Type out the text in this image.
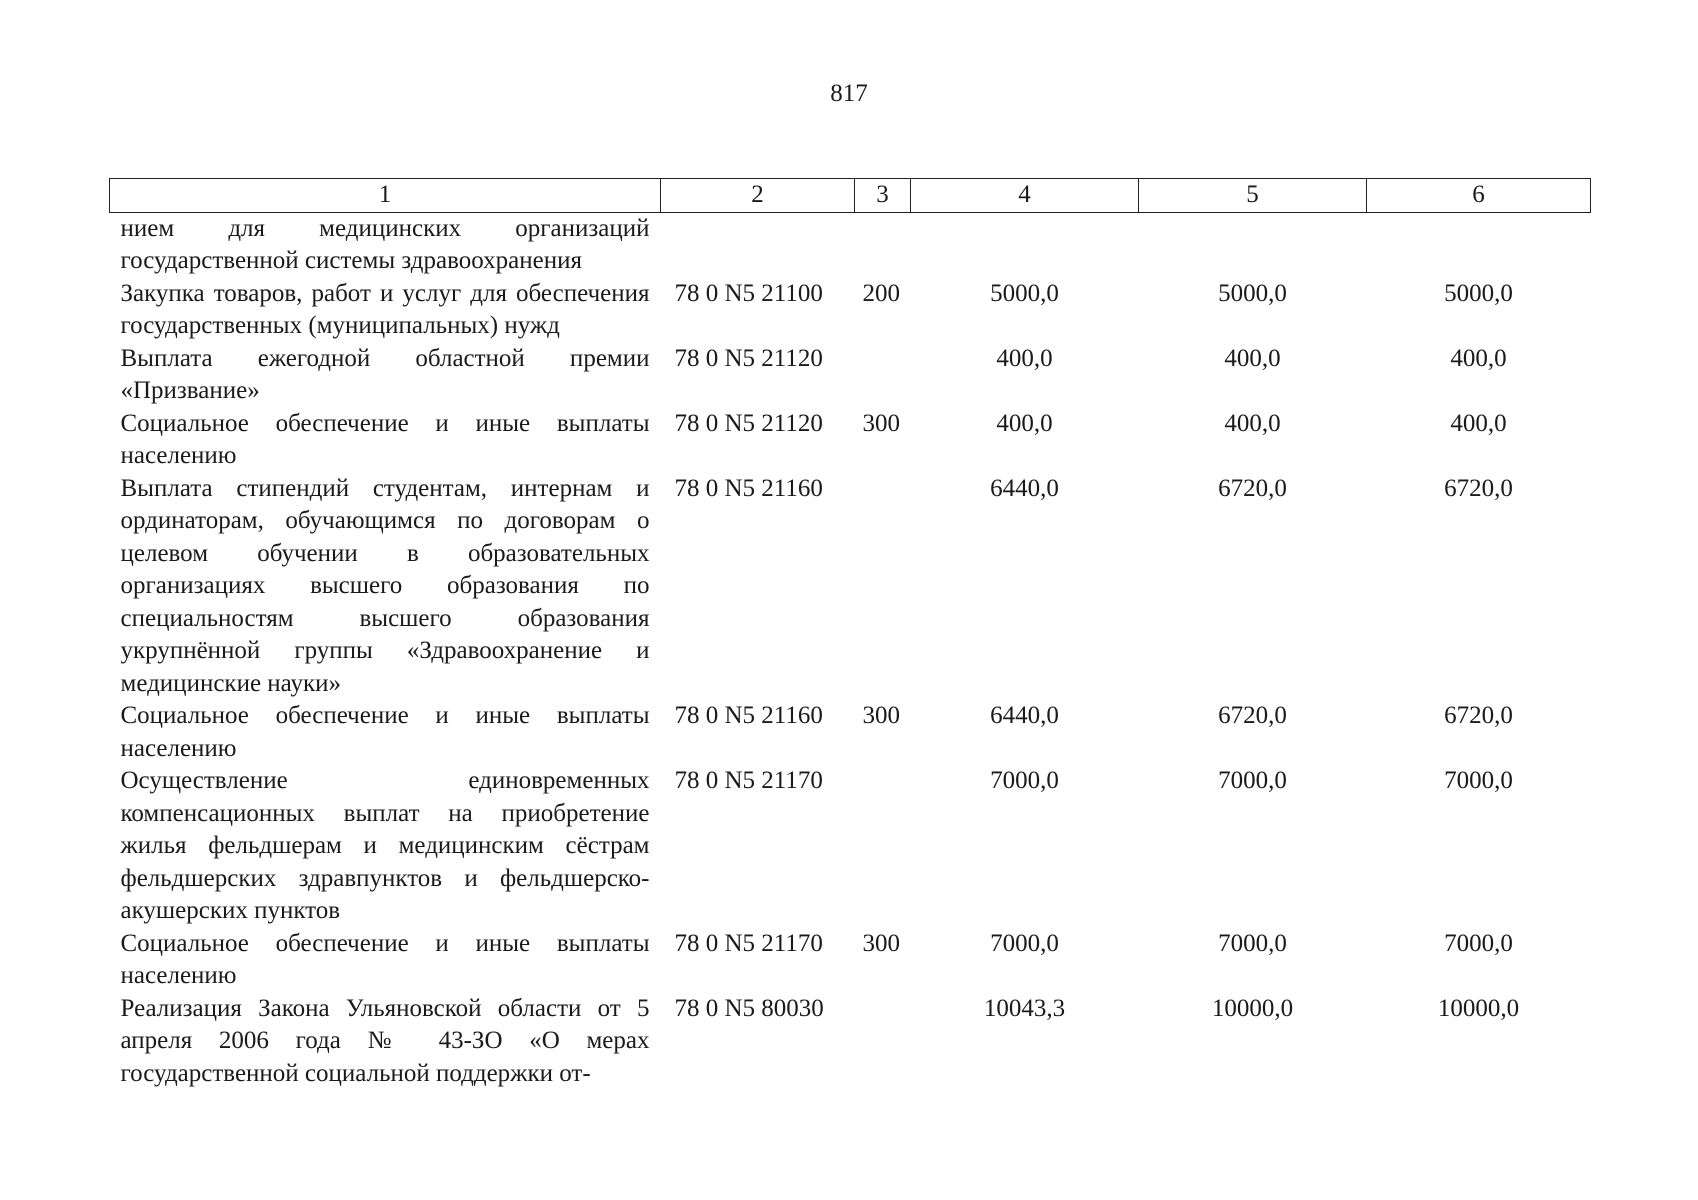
817
1	2	3	4	5	6
нием для медицинских организаций государственной системы здравоохранения					
Закупка товаров, работ и услуг для обеспечения государственных (муниципальных) нужд	78 0 N5 21100	200	5000,0	5000,0	5000,0
Выплата ежегодной областной премии «Призвание»	78 0 N5 21120		400,0	400,0	400,0
Социальное обеспечение и иные выплаты населению	78 0 N5 21120	300	400,0	400,0	400,0
Выплата стипендий студентам, интернам и ординаторам, обучающимся по договорам о целевом обучении в образовательных организациях высшего образования по специальностям высшего образования укрупнённой группы «Здравоохранение и медицинские науки»	78 0 N5 21160		6440,0	6720,0	6720,0
Социальное обеспечение и иные выплаты населению	78 0 N5 21160	300	6440,0	6720,0	6720,0
Осуществление единовременных компенсационных выплат на приобретение жилья фельдшерам и медицинским сёстрам фельдшерских здравпунктов и фельдшерско-акушерских пунктов	78 0 N5 21170		7000,0	7000,0	7000,0
Социальное обеспечение и иные выплаты населению	78 0 N5 21170	300	7000,0	7000,0	7000,0
Реализация Закона Ульяновской области от 5 апреля 2006 года № 43-ЗО «О мерах государственной социальной поддержки от-	78 0 N5 80030		10043,3	10000,0	10000,0
